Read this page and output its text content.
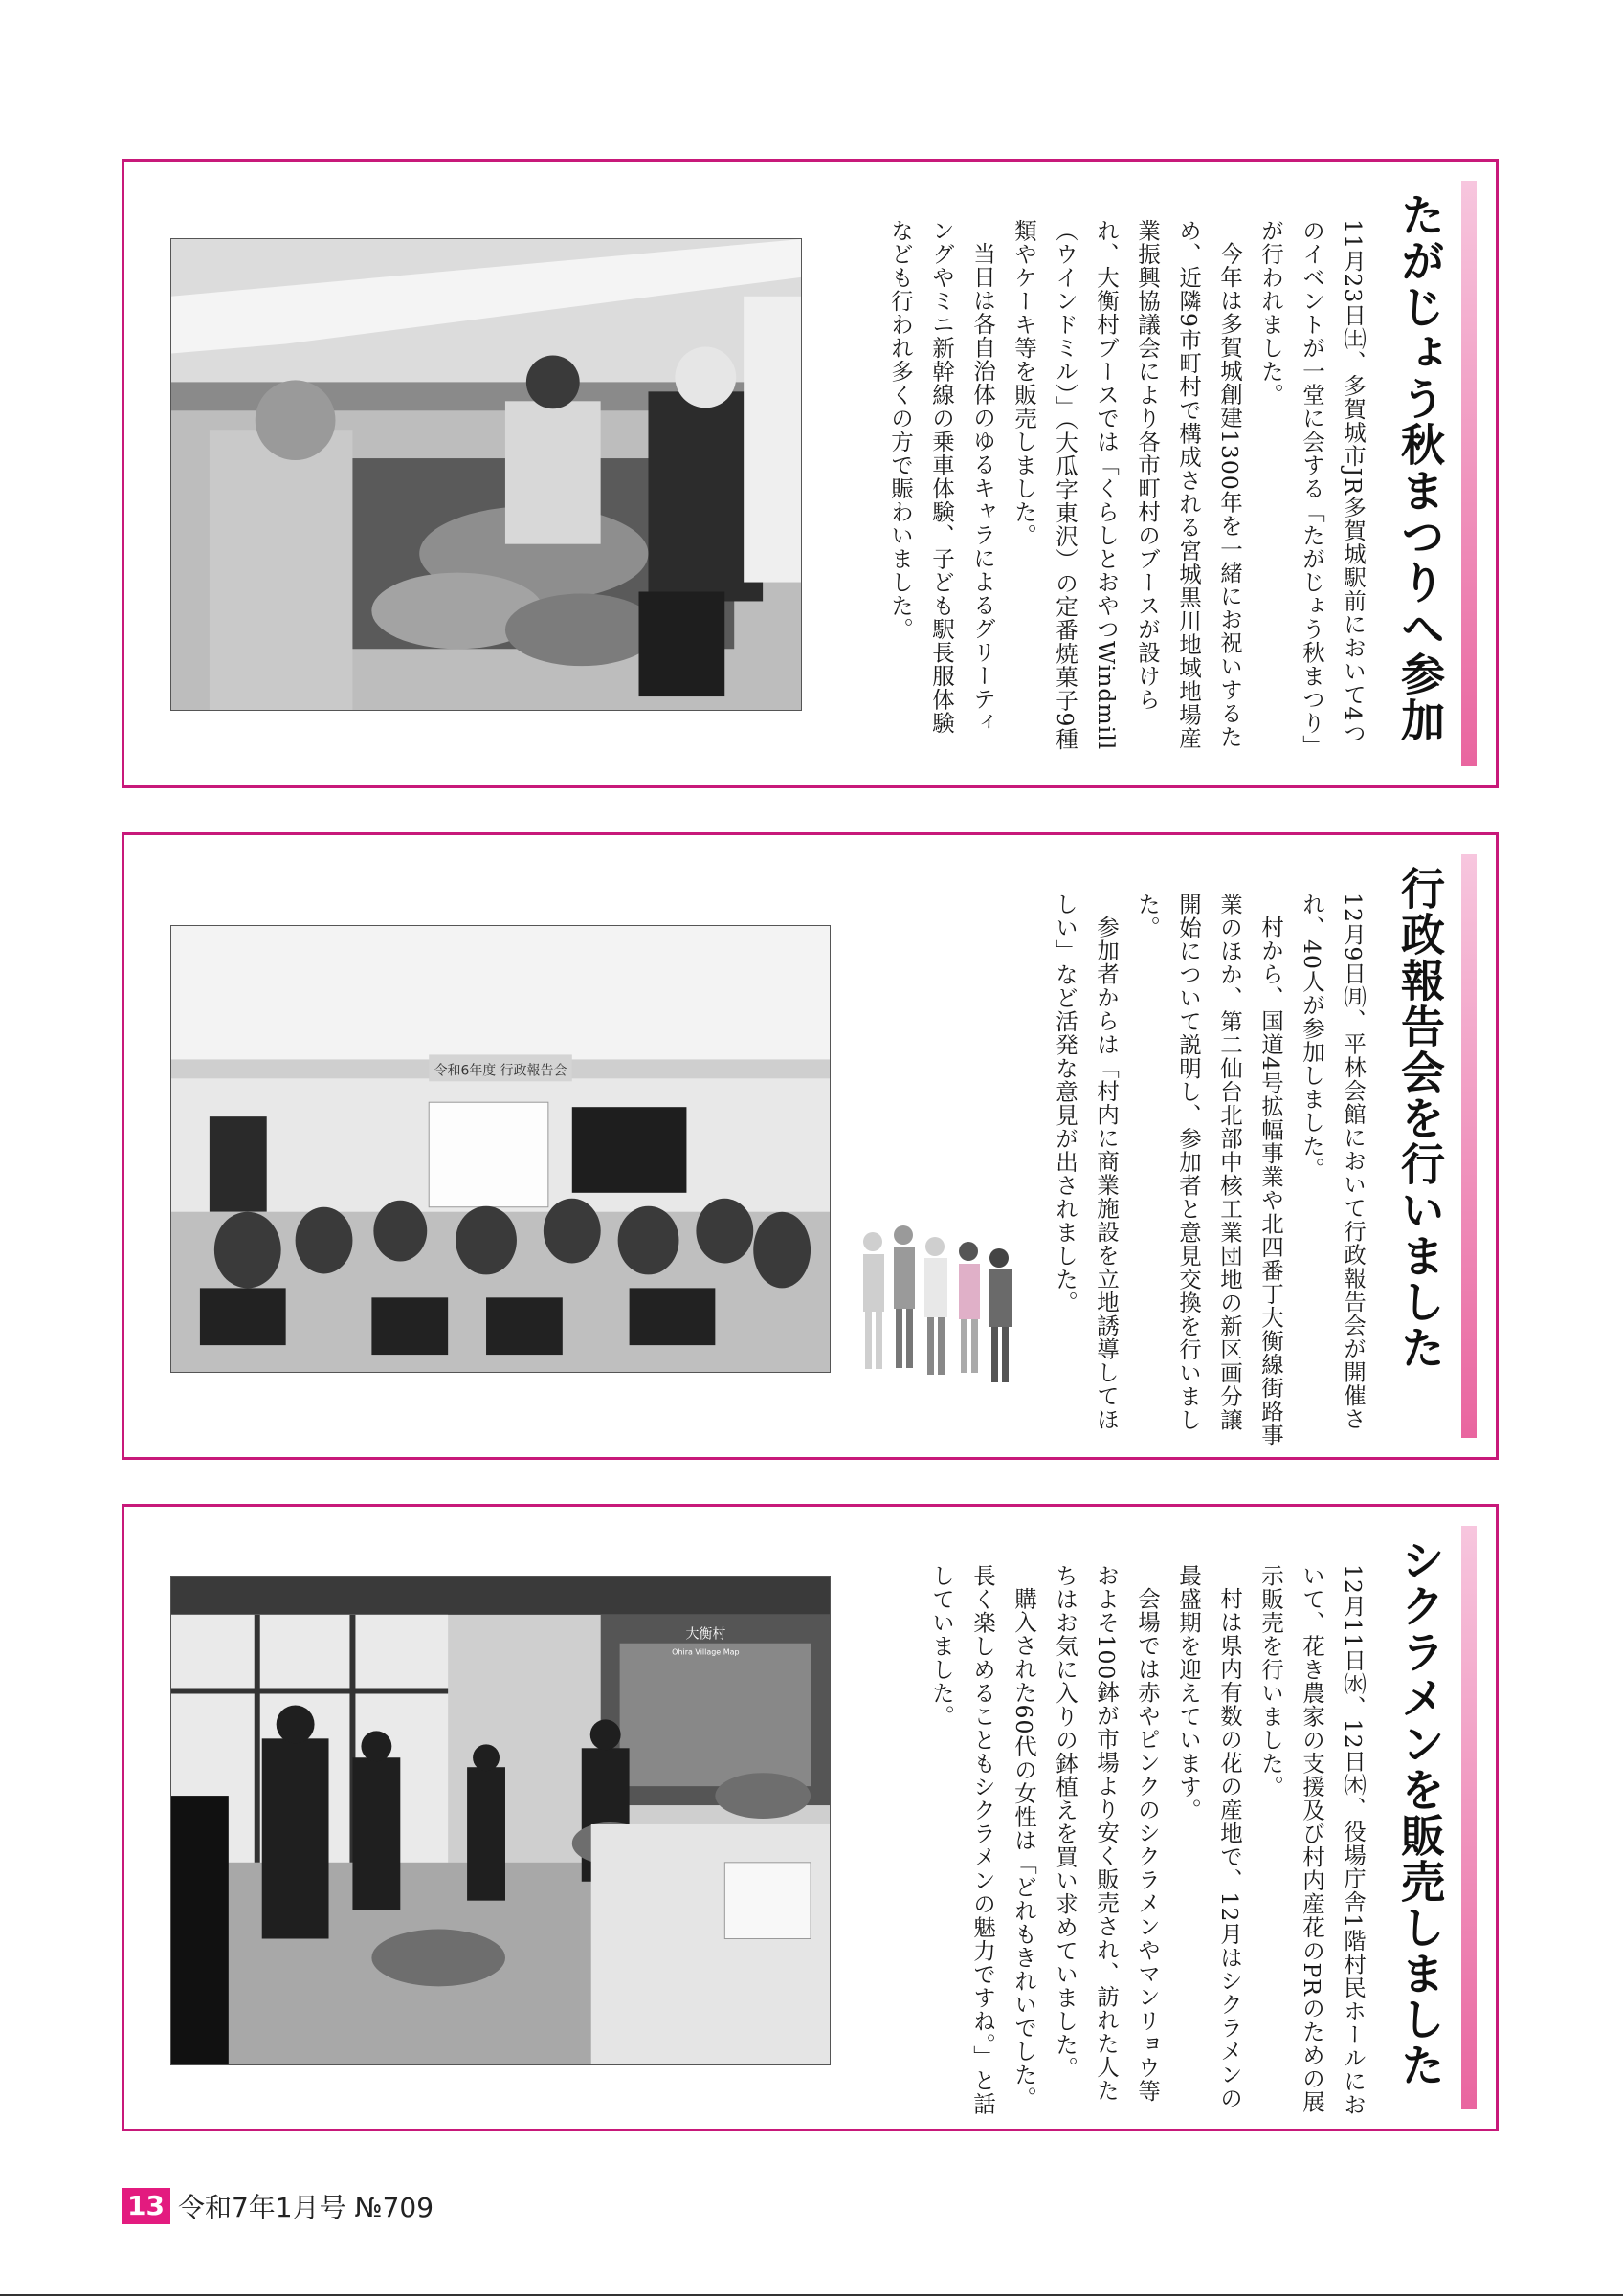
たがじょう秋まつりへ参加

11月23日㈯、多賀城市JR多賀城駅前において4つのイベントが一堂に会する「たがじょう秋まつり」が行われました。

今年は多賀城創建1300年を一緒にお祝いするため、近隣9市町村で構成される宮城黒川地域地場産業振興協議会により各市町村のブースが設けられ、大衡村ブースでは「くらしとおやつWindmill（ウインドミル）」（大瓜字東沢）の定番焼菓子9種類やケーキ等を販売しました。

当日は各自治体のゆるキャラによるグリーティングやミニ新幹線の乗車体験、子ども駅長服体験なども行われ多くの方で賑わいました。

行政報告会を行いました

12月9日㈪、平林会館において行政報告会が開催され、40人が参加しました。

村から、国道4号拡幅事業や北四番丁大衡線街路事業のほか、第二仙台北部中核工業団地の新区画分譲開始について説明し、参加者と意見交換を行いました。

参加者からは「村内に商業施設を立地誘導してほしい」など活発な意見が出されました。

令和6年度 行政報告会
シクラメンを販売しました

12月11日㈬、12日㈭、役場庁舎1階村民ホールにおいて、花き農家の支援及び村内産花のPRのための展示販売を行いました。

村は県内有数の花の産地で、12月はシクラメンの最盛期を迎えています。

会場では赤やピンクのシクラメンやマンリョウ等およそ100鉢が市場より安く販売され、訪れた人たちはお気に入りの鉢植えを買い求めていました。

購入された60代の女性は「どれもきれいでした。長く楽しめることもシクラメンの魅力ですね。」と話していました。

大衡村
Ohira Village Map
13 令和7年1月号 №709
